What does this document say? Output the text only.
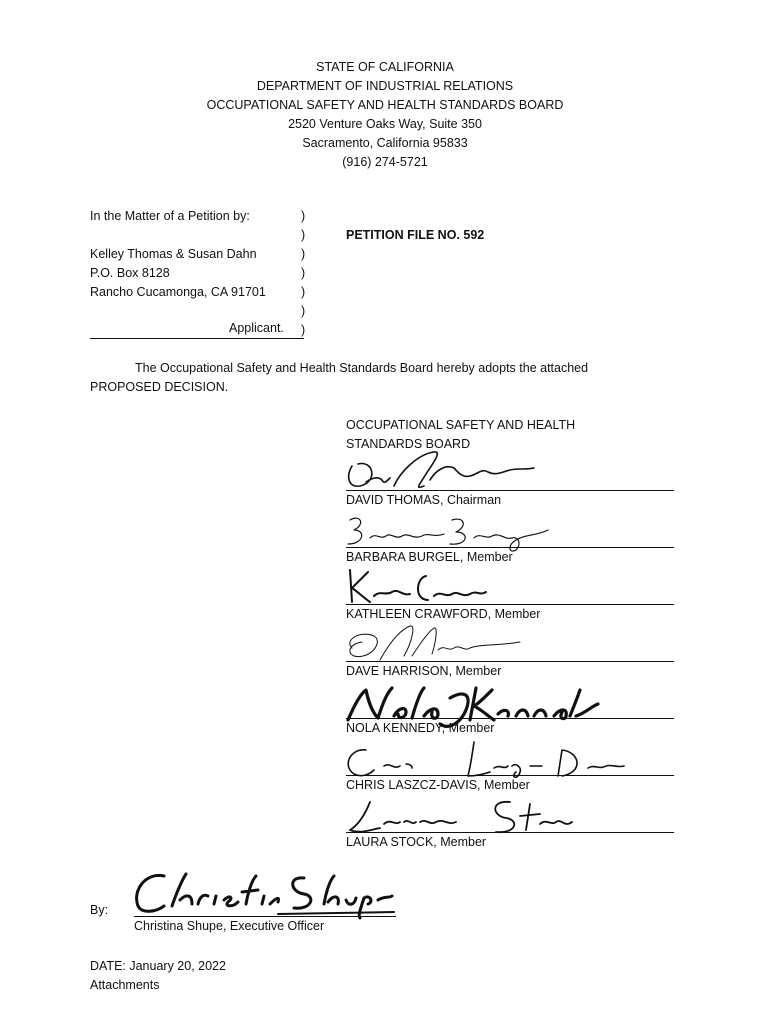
STATE OF CALIFORNIA
DEPARTMENT OF INDUSTRIAL RELATIONS
OCCUPATIONAL SAFETY AND HEALTH STANDARDS BOARD
2520 Venture Oaks Way, Suite 350
Sacramento, California 95833
(916) 274-5721
In the Matter of a Petition by:
Kelley Thomas & Susan Dahn
P.O. Box 8128
Rancho Cucamonga, CA 91701
Applicant.
)
)
)
)
)
)
)
PETITION FILE NO. 592
The Occupational Safety and Health Standards Board hereby adopts the attached
PROPOSED DECISION.
OCCUPATIONAL SAFETY AND HEALTH
STANDARDS BOARD
DAVID THOMAS, Chairman
BARBARA BURGEL, Member
KATHLEEN CRAWFORD, Member
DAVE HARRISON, Member
NOLA KENNEDY, Member
CHRIS LASZCZ-DAVIS, Member
LAURA STOCK, Member
By:
Christina Shupe, Executive Officer
DATE: January 20, 2022
Attachments
